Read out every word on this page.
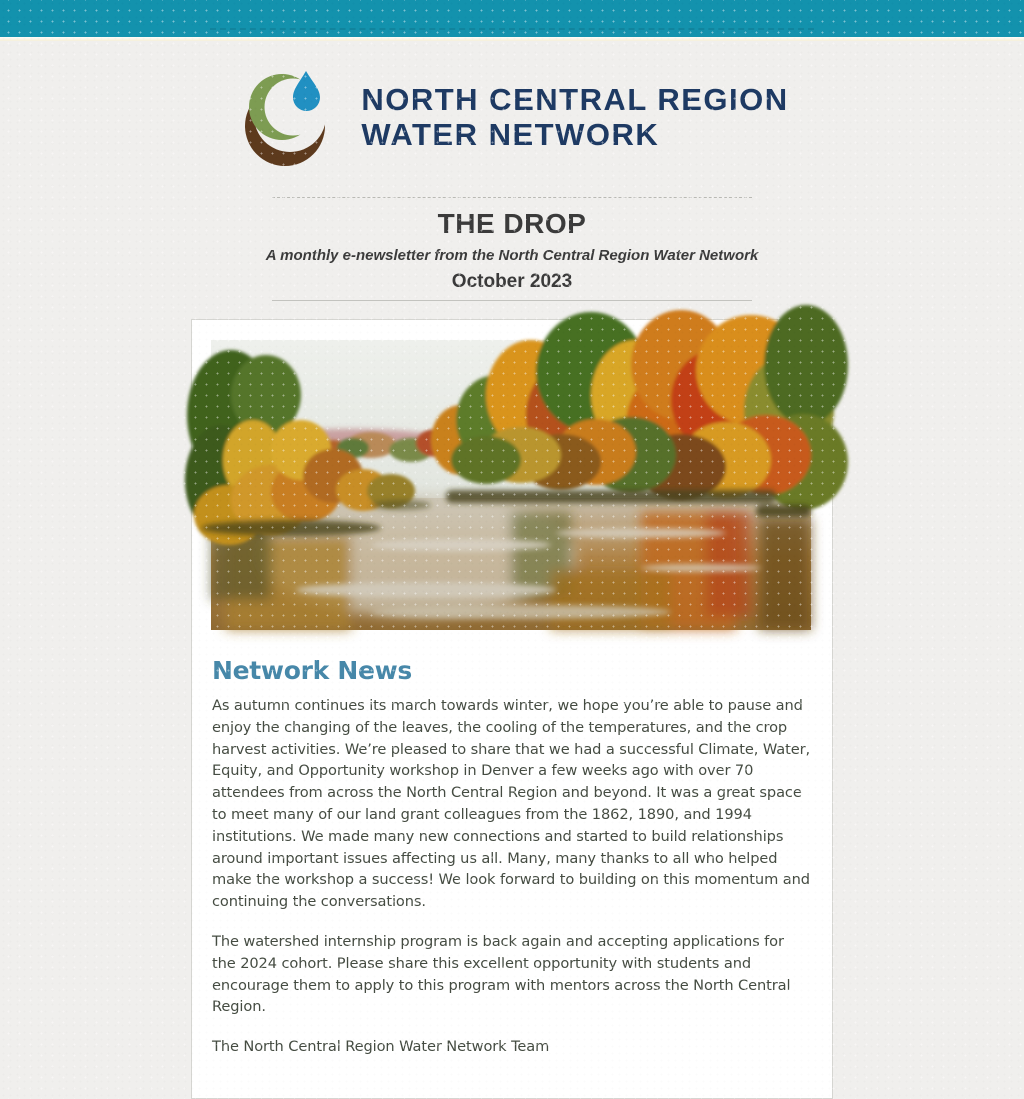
NORTH CENTRAL REGION
WATER NETWORK
THE DROP
A monthly e-newsletter from the North Central Region Water Network
October 2023
Network News

As autumn continues its march towards winter, we hope you’re able to pause and enjoy the changing of the leaves, the cooling of the temperatures, and the crop harvest activities. We’re pleased to share that we had a successful Climate, Water, Equity, and Opportunity workshop in Denver a few weeks ago with over 70 attendees from across the North Central Region and beyond. It was a great space to meet many of our land grant colleagues from the 1862, 1890, and 1994 institutions. We made many new connections and started to build relationships around important issues affecting us all. Many, many thanks to all who helped make the workshop a success! We look forward to building on this momentum and continuing the conversations.

The watershed internship program is back again and accepting applications for the 2024 cohort. Please share this excellent opportunity with students and encourage them to apply to this program with mentors across the North Central Region.

The North Central Region Water Network Team
